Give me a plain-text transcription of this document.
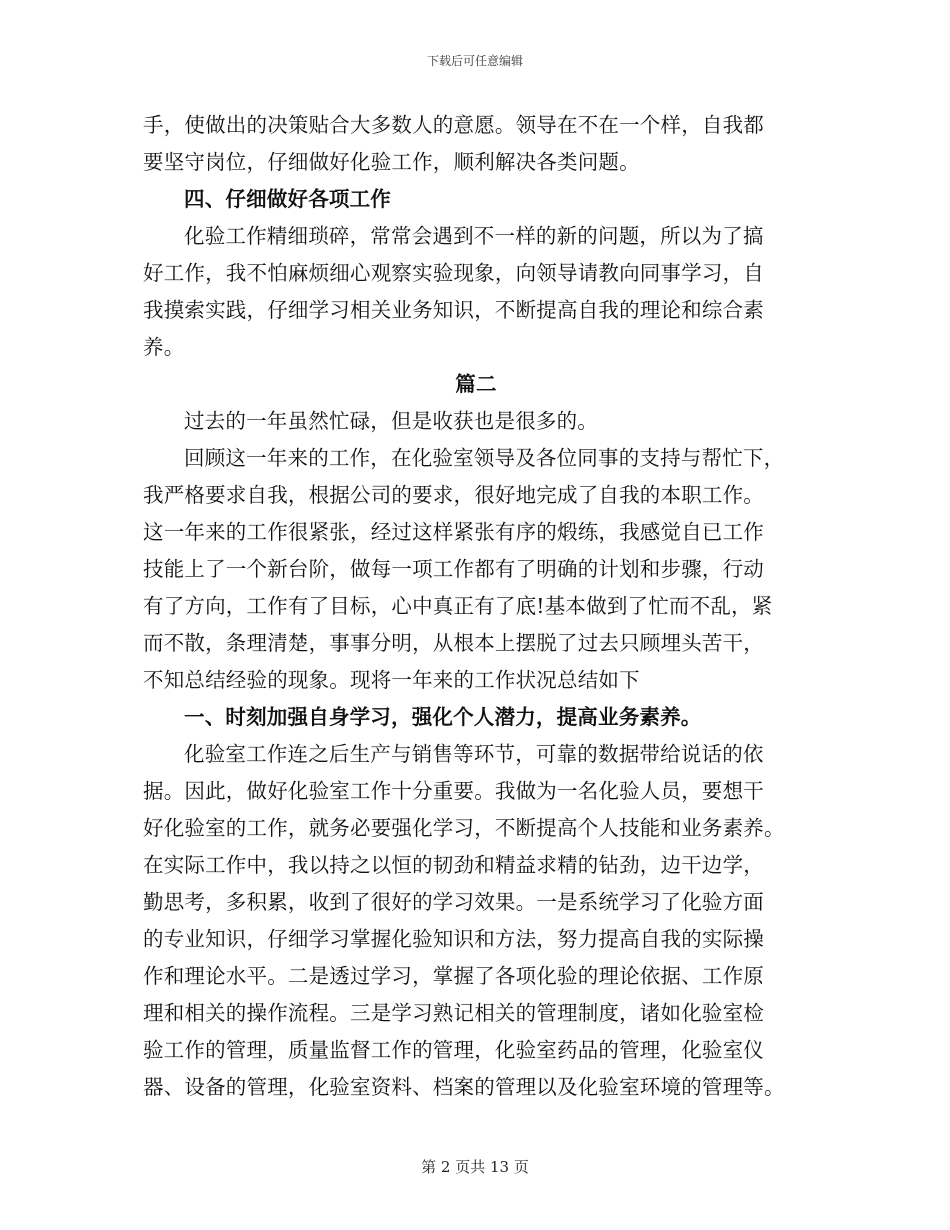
下载后可任意编辑
手，使做出的决策贴合大多数人的意愿。领导在不在一个样，自我都
要坚守岗位，仔细做好化验工作，顺利解决各类问题。
四、仔细做好各项工作
化验工作精细琐碎，常常会遇到不一样的新的问题，所以为了搞
好工作，我不怕麻烦细心观察实验现象，向领导请教向同事学习，自
我摸索实践，仔细学习相关业务知识，不断提高自我的理论和综合素
养。
篇二
过去的一年虽然忙碌，但是收获也是很多的。
回顾这一年来的工作，在化验室领导及各位同事的支持与帮忙下，
我严格要求自我，根据公司的要求，很好地完成了自我的本职工作。
这一年来的工作很紧张，经过这样紧张有序的煅练，我感觉自已工作
技能上了一个新台阶，做每一项工作都有了明确的计划和步骤，行动
有了方向，工作有了目标，心中真正有了底!基本做到了忙而不乱，紧
而不散，条理清楚，事事分明，从根本上摆脱了过去只顾埋头苦干，
不知总结经验的现象。现将一年来的工作状况总结如下
一、时刻加强自身学习，强化个人潜力，提高业务素养。
化验室工作连之后生产与销售等环节，可靠的数据带给说话的依
据。因此，做好化验室工作十分重要。我做为一名化验人员，要想干
好化验室的工作，就务必要强化学习，不断提高个人技能和业务素养。
在实际工作中，我以持之以恒的韧劲和精益求精的钻劲，边干边学，
勤思考，多积累，收到了很好的学习效果。一是系统学习了化验方面
的专业知识，仔细学习掌握化验知识和方法，努力提高自我的实际操
作和理论水平。二是透过学习，掌握了各项化验的理论依据、工作原
理和相关的操作流程。三是学习熟记相关的管理制度，诸如化验室检
验工作的管理，质量监督工作的管理，化验室药品的管理，化验室仪
器、设备的管理，化验室资料、档案的管理以及化验室环境的管理等。
第 2 页共 13 页
